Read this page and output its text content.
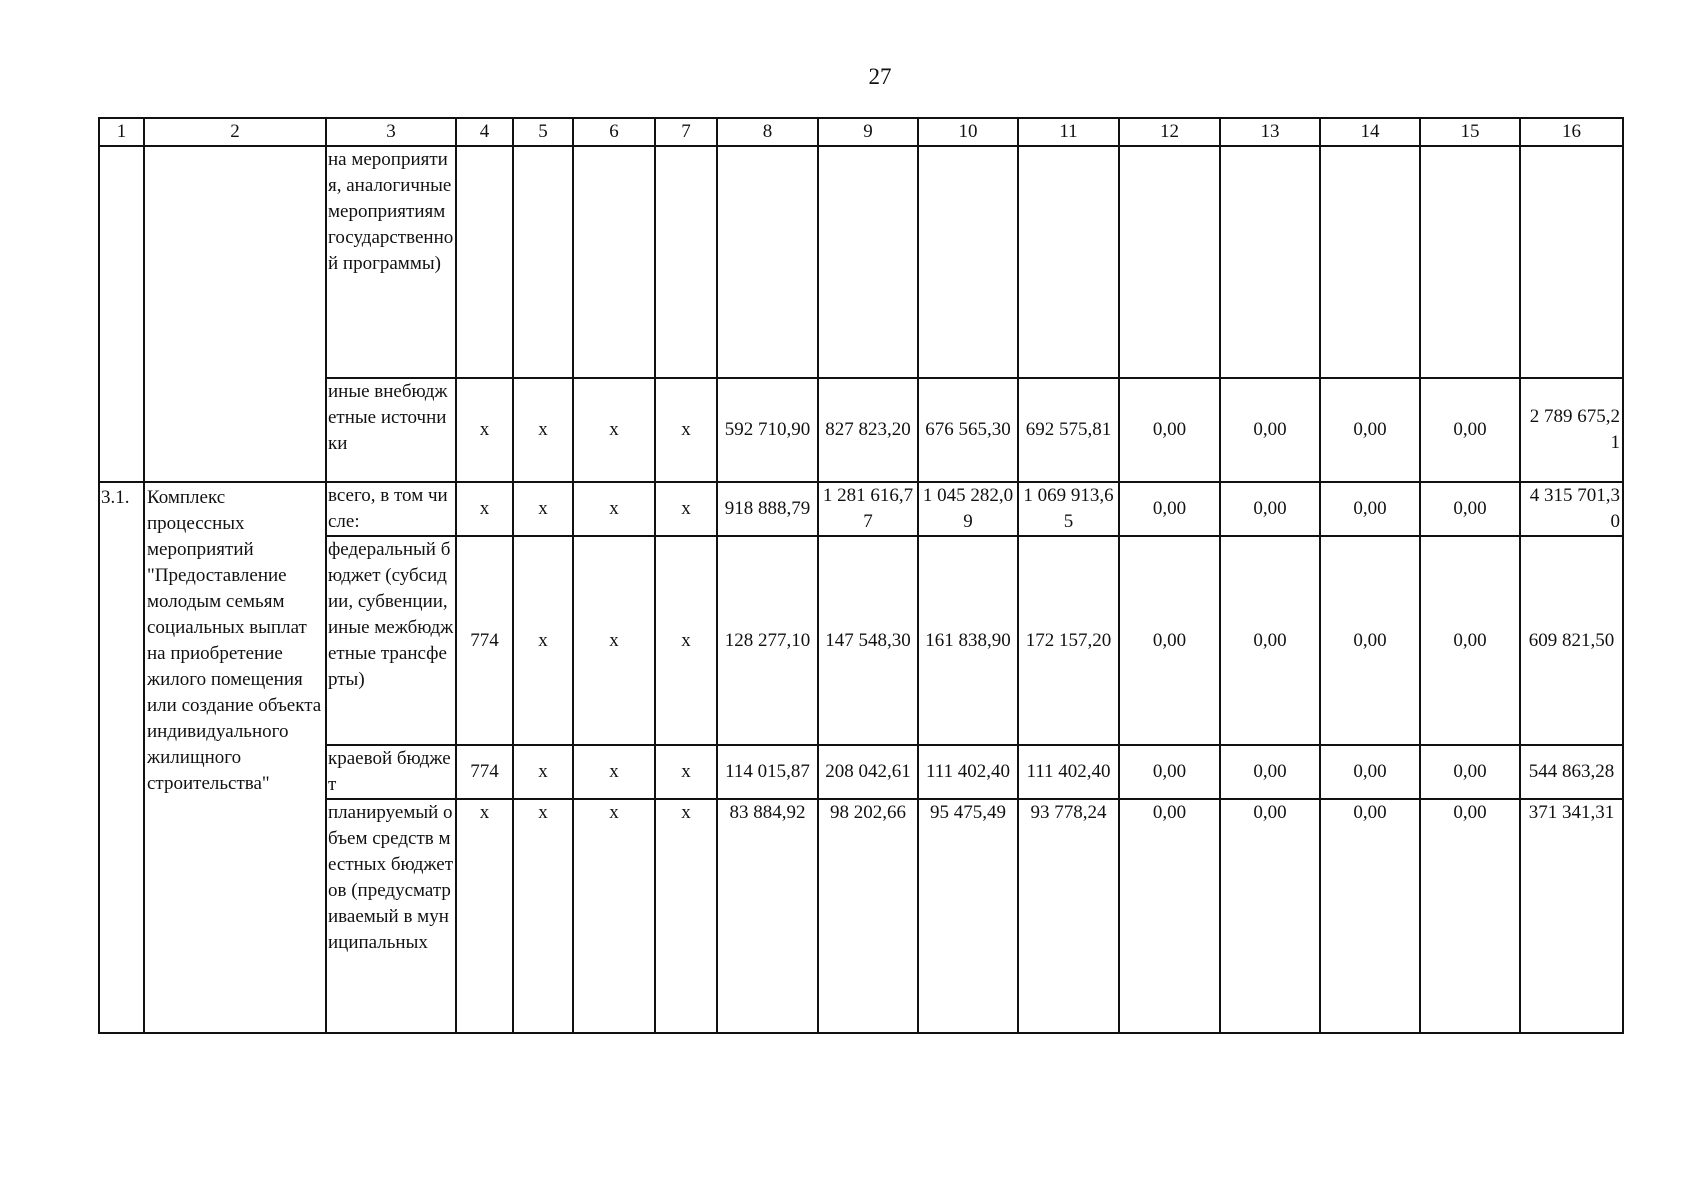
27
1	2	3	4	5	6	7	8	9	10	11	12	13	14	15	16
		на мероприятия, аналогичные мероприятиям государственной программы)													
		иные внебюджетные источники	x	x	x	x	592 710,90	827 823,20	676 565,30	692 575,81	0,00	0,00	0,00	0,00	2 789 675,21
3.1.	Комплекс процессных мероприятий "Предоставление молодым семьям социальных выплат на приобретение жилого помещения или создание объекта индивидуального жилищного строительства"	всего, в том числе:	x	x	x	x	918 888,79	1 281 616,77	1 045 282,09	1 069 913,65	0,00	0,00	0,00	0,00	4 315 701,30
		федеральный бюджет (субсидии, субвенции, иные межбюджетные трансферты)	774	x	x	x	128 277,10	147 548,30	161 838,90	172 157,20	0,00	0,00	0,00	0,00	609 821,50
		краевой бюджет	774	x	x	x	114 015,87	208 042,61	111 402,40	111 402,40	0,00	0,00	0,00	0,00	544 863,28
		планируемый объем средств местных бюджетов (предусматриваемый в муниципальных	x	x	x	x	83 884,92	98 202,66	95 475,49	93 778,24	0,00	0,00	0,00	0,00	371 341,31
